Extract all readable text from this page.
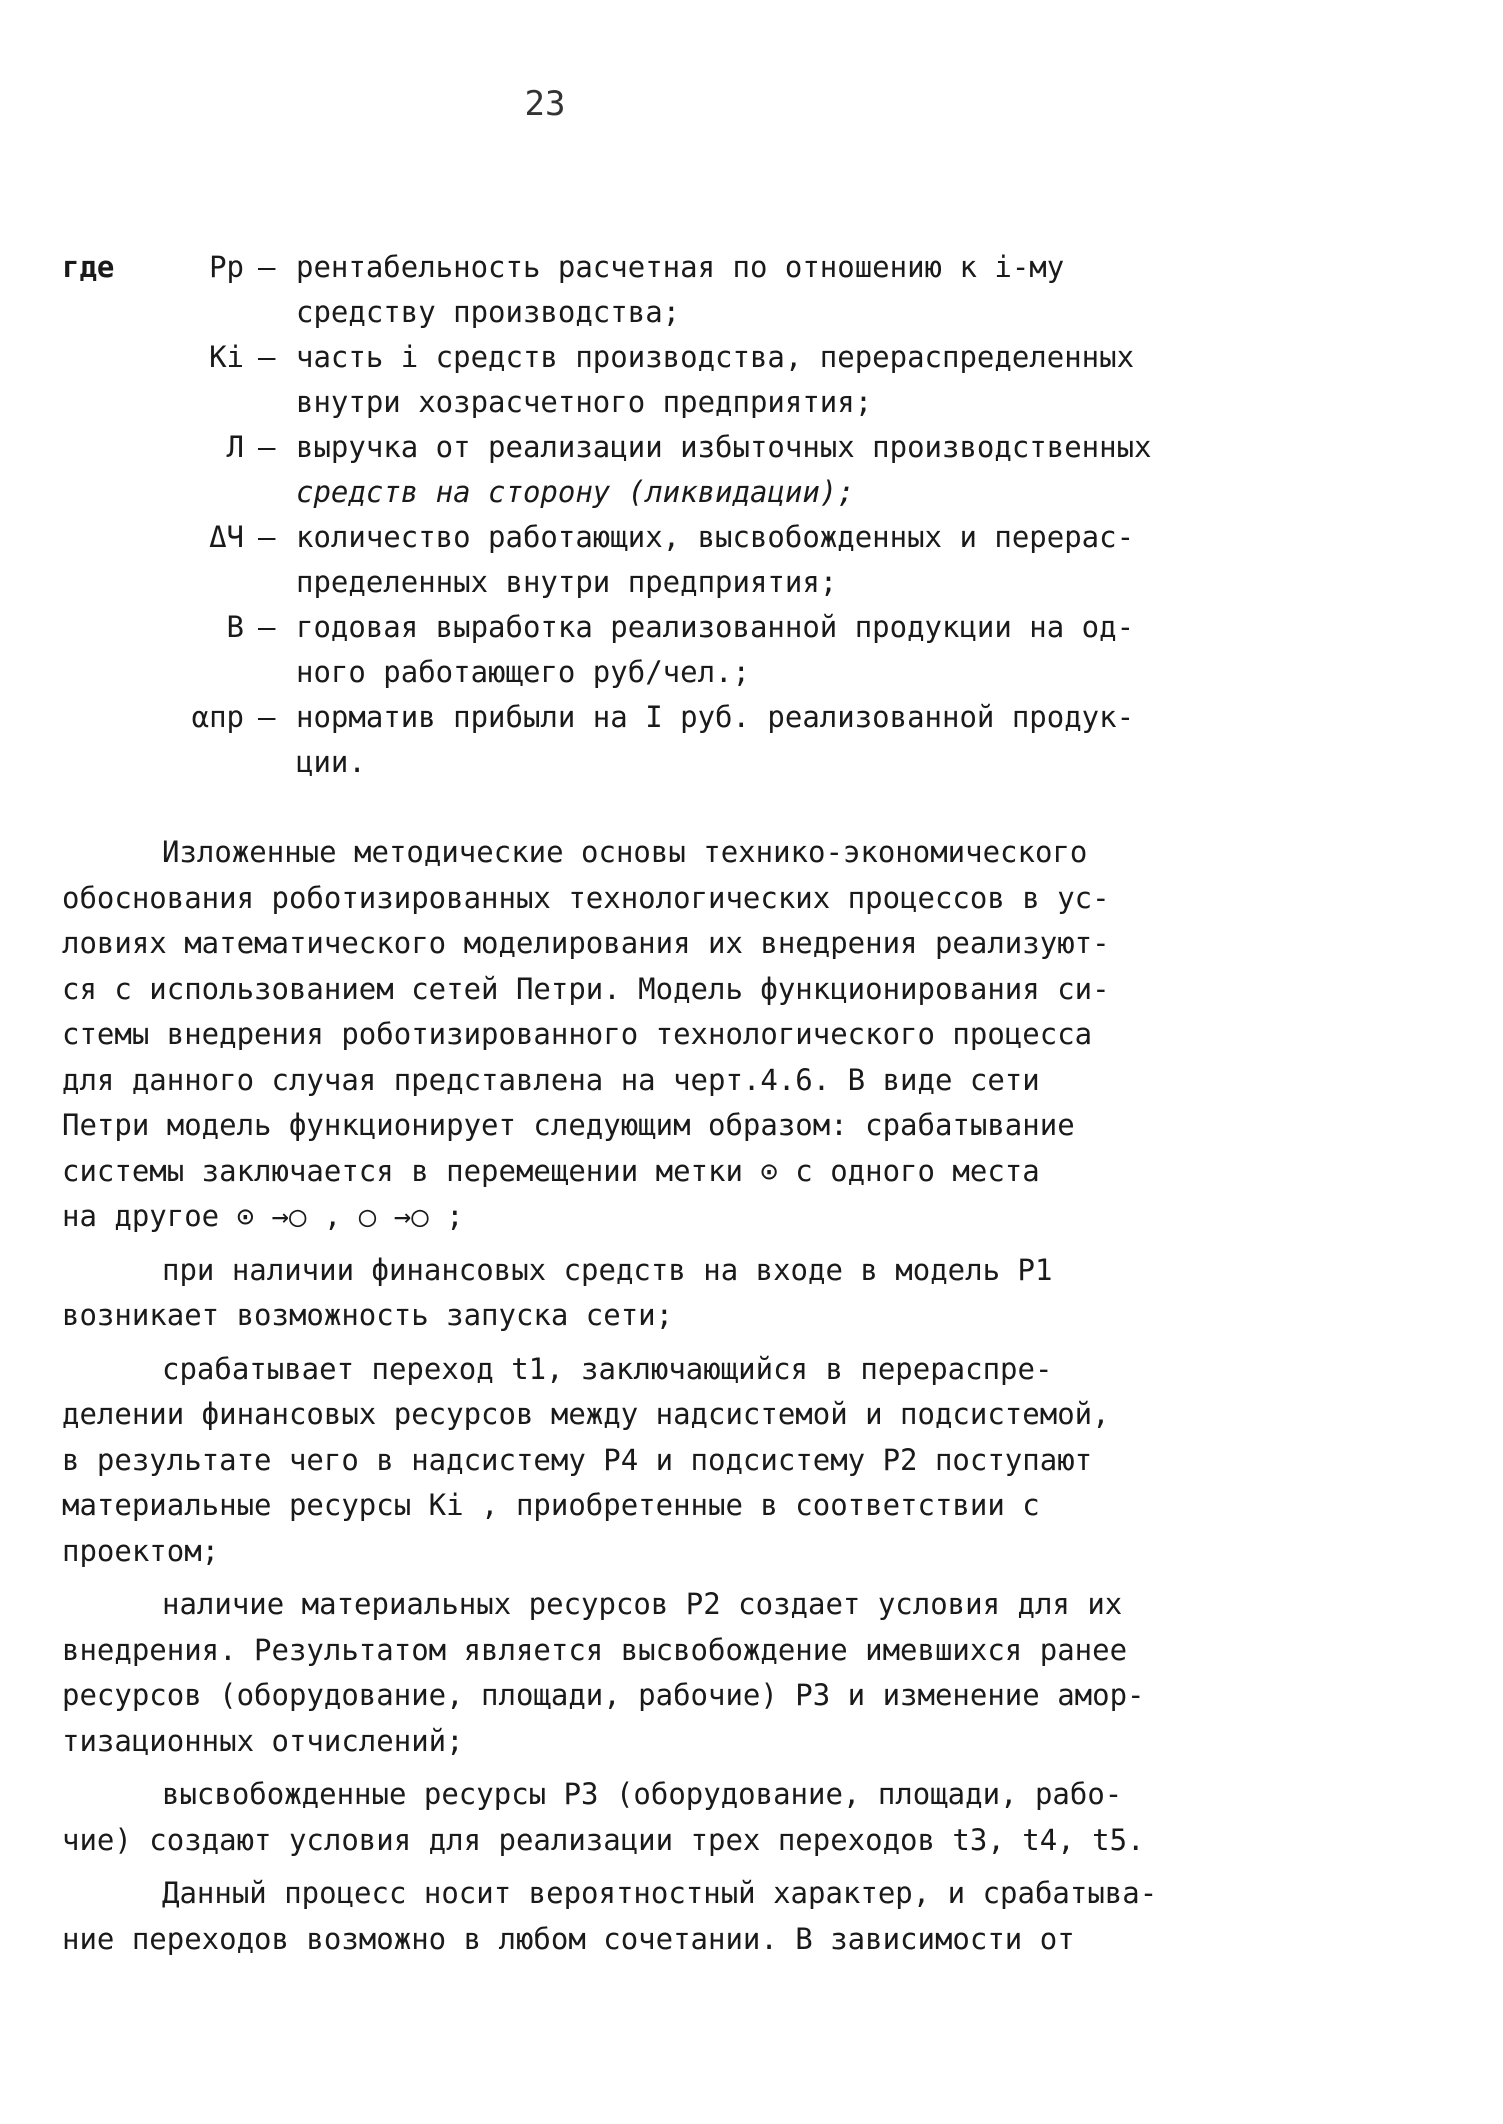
23
где	Pp – рентабельность расчетная по отношению к i-му
средству производства;
Ki – часть i средств производства, перераспределенных
внутри хозрасчетного предприятия;
Л – выручка от реализации избыточных производственных
средств на сторону (ликвидации);
ΔЧ – количество работающих, высвобожденных и перерас-
пределенных внутри предприятия;
В – годовая выработка реализованной продукции на од-
ного работающего руб/чел.;
αпр – норматив прибыли на I руб. реализованной продук-
ции.
Изложенные методические основы технико-экономического
обоснования роботизированных технологических процессов в ус-
ловиях математического моделирования их внедрения реализуют-
ся с использованием сетей Петри. Модель функционирования си-
стемы внедрения роботизированного технологического процесса
для данного случая представлена на черт.4.6. В виде сети
Петри модель функционирует следующим образом: срабатывание
системы заключается в перемещении метки ⊙ с одного места
на другое ⊙ →○ , ○ →○ ;
при наличии финансовых средств на входе в модель P1
возникает возможность запуска сети;
срабатывает переход t1, заключающийся в перераспре-
делении финансовых ресурсов между надсистемой и подсистемой,
в результате чего в надсистему P4 и подсистему P2 поступают
материальные ресурсы Ki , приобретенные в соответствии с
проектом;
наличие материальных ресурсов P2 создает условия для их
внедрения. Результатом является высвобождение имевшихся ранее
ресурсов (оборудование, площади, рабочие) P3 и изменение амор-
тизационных отчислений;
высвобожденные ресурсы P3 (оборудование, площади, рабо-
чие) создают условия для реализации трех переходов t3, t4, t5.
Данный процесс носит вероятностный характер, и срабатыва-
ние переходов возможно в любом сочетании. В зависимости от
